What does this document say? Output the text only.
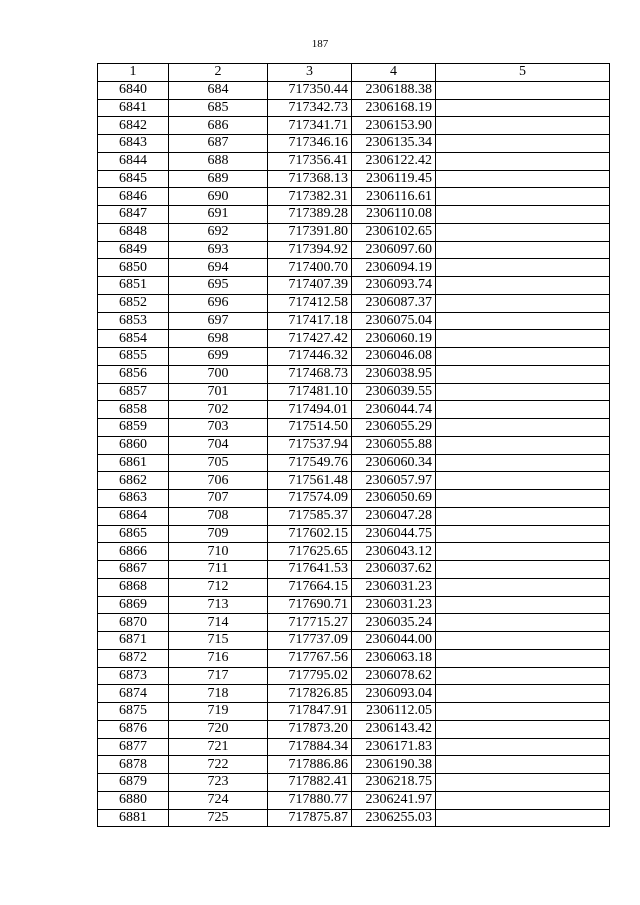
187
1	2	3	4	5
6840	684	717350.44	2306188.38	
6841	685	717342.73	2306168.19	
6842	686	717341.71	2306153.90	
6843	687	717346.16	2306135.34	
6844	688	717356.41	2306122.42	
6845	689	717368.13	2306119.45	
6846	690	717382.31	2306116.61	
6847	691	717389.28	2306110.08	
6848	692	717391.80	2306102.65	
6849	693	717394.92	2306097.60	
6850	694	717400.70	2306094.19	
6851	695	717407.39	2306093.74	
6852	696	717412.58	2306087.37	
6853	697	717417.18	2306075.04	
6854	698	717427.42	2306060.19	
6855	699	717446.32	2306046.08	
6856	700	717468.73	2306038.95	
6857	701	717481.10	2306039.55	
6858	702	717494.01	2306044.74	
6859	703	717514.50	2306055.29	
6860	704	717537.94	2306055.88	
6861	705	717549.76	2306060.34	
6862	706	717561.48	2306057.97	
6863	707	717574.09	2306050.69	
6864	708	717585.37	2306047.28	
6865	709	717602.15	2306044.75	
6866	710	717625.65	2306043.12	
6867	711	717641.53	2306037.62	
6868	712	717664.15	2306031.23	
6869	713	717690.71	2306031.23	
6870	714	717715.27	2306035.24	
6871	715	717737.09	2306044.00	
6872	716	717767.56	2306063.18	
6873	717	717795.02	2306078.62	
6874	718	717826.85	2306093.04	
6875	719	717847.91	2306112.05	
6876	720	717873.20	2306143.42	
6877	721	717884.34	2306171.83	
6878	722	717886.86	2306190.38	
6879	723	717882.41	2306218.75	
6880	724	717880.77	2306241.97	
6881	725	717875.87	2306255.03	
